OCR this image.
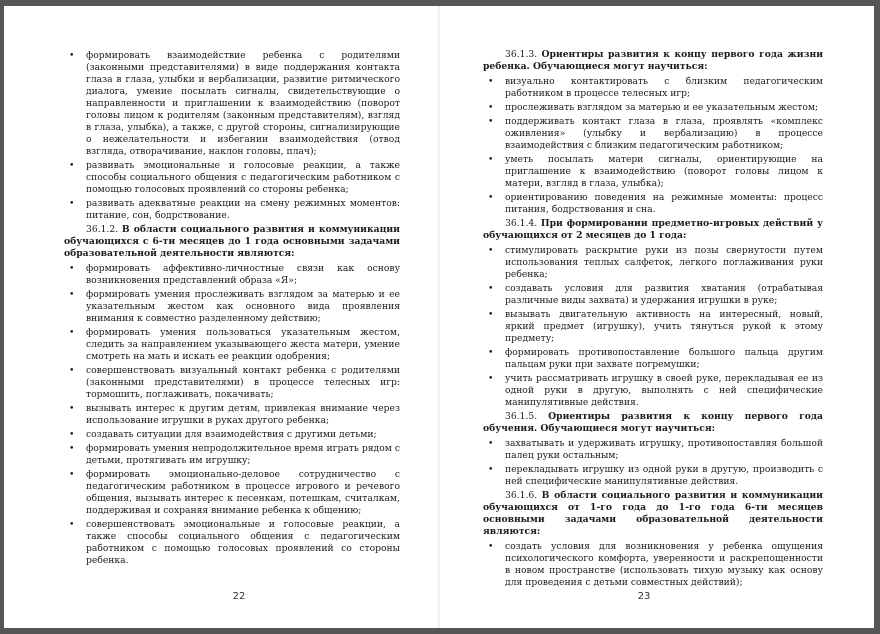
• формировать взаимодействие ребенка с родителями (законными представителями) в виде поддержания контакта глаза в глаза, улыбки и вербализации, развитие ритмического диалога, умение посылать сигналы, свидетельствующие о направленности и приглашении к взаимодействию (поворот головы лицом к родителям (законным представителям), взгляд в глаза, улыбка), а также, с другой стороны, сигнализирующие о нежелательности и избегании взаимодействия (отвод взгляда, отворачивание, наклон головы, плач);
• развивать эмоциональные и голосовые реакции, а также способы социального общения с педагогическим работником с помощью голосовых проявлений со стороны ребенка;
• развивать адекватные реакции на смену режимных моментов: питание, сон, бодрствование.

36.1.2. В области социального развития и коммуникации обучающихся с 6-ти месяцев до 1 года основными задачами образовательной деятельности являются:

• формировать аффективно-личностные связи как основу возникновения представлений образа «Я»;
• формировать умения прослеживать взглядом за матерью и ее указательным жестом как основного вида проявления внимания к совместно разделенному действию;
• формировать умения пользоваться указательным жестом, следить за направлением указывающего жеста матери, умение смотреть на мать и искать ее реакции одобрения;
• совершенствовать визуальный контакт ребенка с родителями (законными представителями) в процессе телесных игр: тормошить, поглаживать, покачивать;
• вызывать интерес к другим детям, привлекая внимание через использование игрушки в руках другого ребенка;
• создавать ситуации для взаимодействия с другими детьми;
• формировать умения непродолжительное время играть рядом с детьми, протягивать им игрушку;
• формировать эмоционально-деловое сотрудничество с педагогическим работником в процессе игрового и речевого общения, вызывать интерес к песенкам, потешкам, считалкам, поддерживая и сохраняя внимание ребенка к общению;
• совершенствовать эмоциональные и голосовые реакции, а также способы социального общения с педагогическим работником с помощью голосовых проявлений со стороны ребенка.
22

36.1.3. Ориентиры развития к концу первого года жизни ребенка. Обучающиеся могут научиться:

• визуально контактировать с близким педагогическим работником в процессе телесных игр;
• прослеживать взглядом за матерью и ее указательным жестом;
• поддерживать контакт глаза в глаза, проявлять «комплекс оживления» (улыбку и вербализацию) в процессе взаимодействия с близким педагогическим работником;
• уметь посылать матери сигналы, ориентирующие на приглашение к взаимодействию (поворот головы лицом к матери, взгляд в глаза, улыбка);
• ориентированию поведения на режимные моменты: процесс питания, бодрствования и сна.

36.1.4. При формировании предметно-игровых действий у обучающихся от 2 месяцев до 1 года:

• стимулировать раскрытие руки из позы свернутости путем использования теплых салфеток, легкого поглаживания руки ребенка;
• создавать условия для развития хватания (отрабатывая различные виды захвата) и удержания игрушки в руке;
• вызывать двигательную активность на интересный, новый, яркий предмет (игрушку), учить тянуться рукой к этому предмету;
• формировать противопоставление большого пальца другим пальцам руки при захвате погремушки;
• учить рассматривать игрушку в своей руке, перекладывая ее из одной руки в другую, выполнять с ней специфические манипулятивные действия.

36.1.5. Ориентиры развития к концу первого года обучения. Обучающиеся могут научиться:

• захватывать и удерживать игрушку, противопоставляя большой палец руки остальным;
• перекладывать игрушку из одной руки в другую, производить с ней специфические манипулятивные действия.

36.1.6. В области социального развития и коммуникации обучающихся от 1-го года до 1-го года 6-ти месяцев основными задачами образовательной деятельности являются:

• создать условия для возникновения у ребенка ощущения психологического комфорта, уверенности и раскрепощенности в новом пространстве (использовать тихую музыку как основу для проведения с детьми совместных действий);
23
